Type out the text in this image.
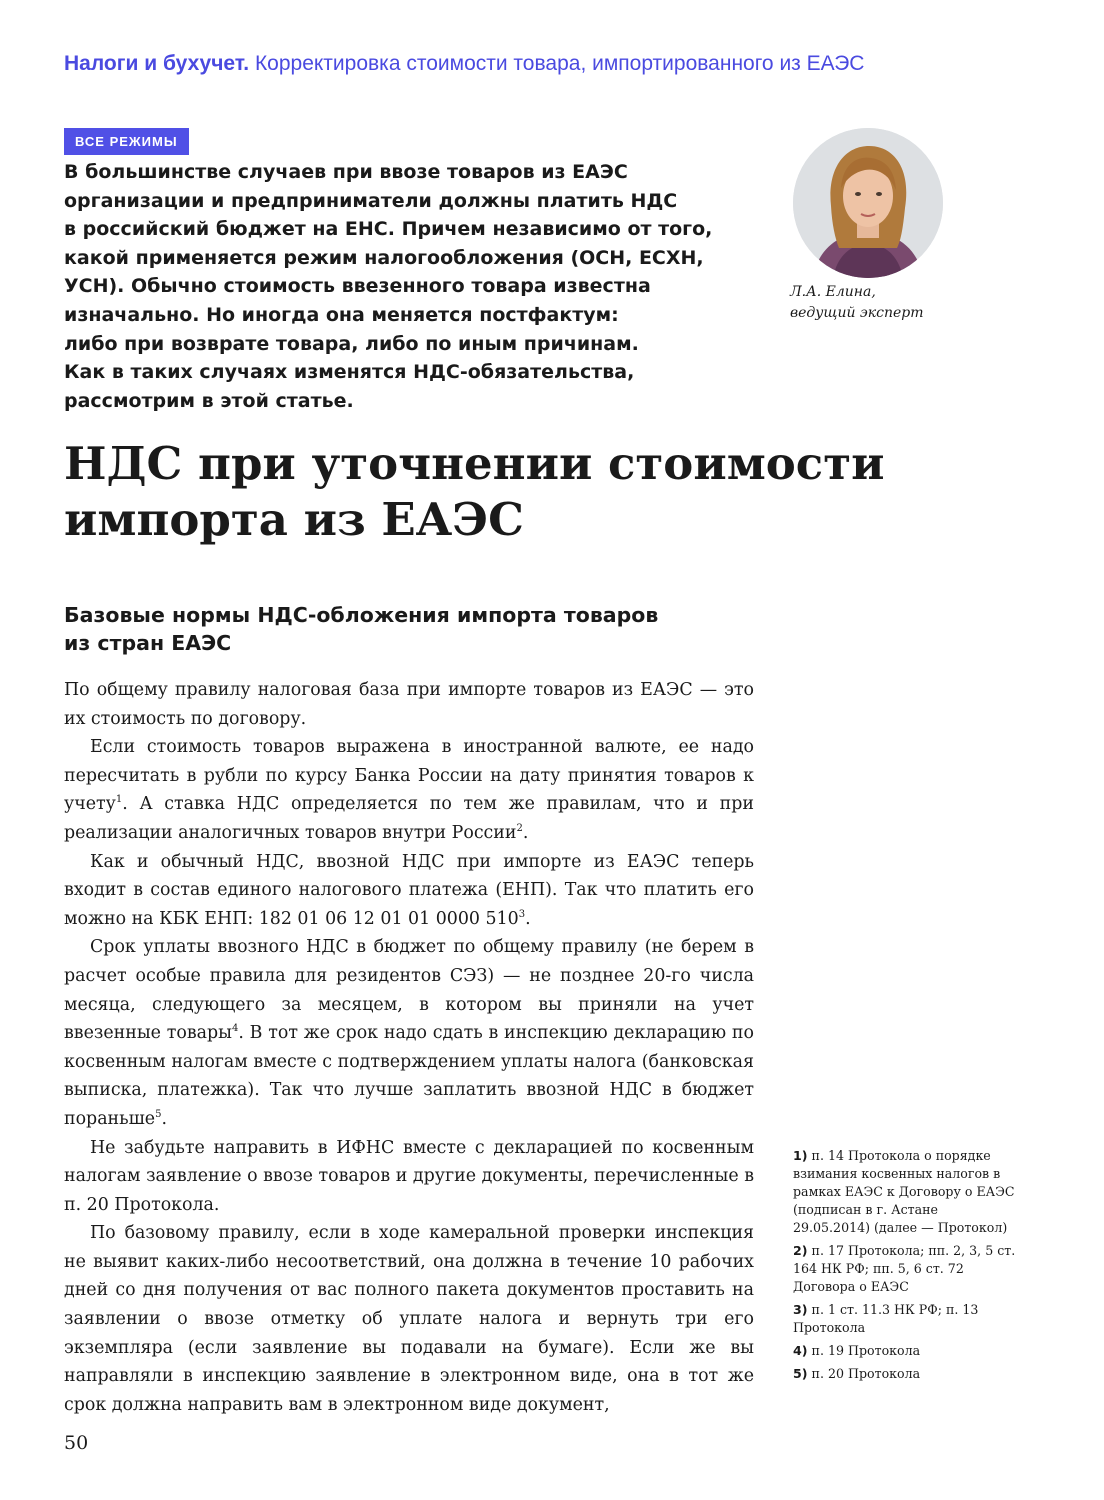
Налоги и бухучет. Корректировка стоимости товара, импортированного из ЕАЭС
ВСЕ РЕЖИМЫ
В большинстве случаев при ввозе товаров из ЕАЭС
организации и предприниматели должны платить НДС
в российский бюджет на ЕНС. Причем независимо от того,
какой применяется режим налогообложения (ОСН, ЕСХН,
УСН). Обычно стоимость ввезенного товара известна
изначально. Но иногда она меняется постфактум:
либо при возврате товара, либо по иным причинам.
Как в таких случаях изменятся НДС-обязательства,
рассмотрим в этой статье.
Л.А. Елина,
ведущий эксперт
НДС при уточнении стоимости
импорта из ЕАЭС
Базовые нормы НДС-обложения импорта товаров
из стран ЕАЭС

По общему правилу налоговая база при импорте товаров из ЕАЭС — это их стоимость по договору.

Если стоимость товаров выражена в иностранной валюте, ее надо пересчитать в рубли по курсу Банка России на дату принятия товаров к учету$^1$. А ставка НДС определяется по тем же правилам, что и при реализации аналогичных товаров внутри России$^2$.

Как и обычный НДС, ввозной НДС при импорте из ЕАЭС теперь входит в состав единого налогового платежа (ЕНП). Так что платить его можно на КБК ЕНП: 182 01 06 12 01 01 0000 $510^3$.

Срок уплаты ввозного НДС в бюджет по общему правилу (не берем в расчет особые правила для резидентов СЭЗ) — не позднее 20-го числа месяца, следующего за месяцем, в котором вы приняли на учет ввезенные товары$^4$. В тот же срок надо сдать в инспекцию декларацию по косвенным налогам вместе с подтверждением уплаты налога (банковская выписка, платежка). Так что лучше заплатить ввозной НДС в бюджет пораньше$^5$.

Не забудьте направить в ИФНС вместе с декларацией по косвенным налогам заявление о ввозе товаров и другие документы, перечисленные в п. 20 Протокола.

По базовому правилу, если в ходе камеральной проверки инспекция не выявит каких-либо несоответствий, она должна в течение 10 рабочих дней со дня получения от вас полного пакета документов проставить на заявлении о ввозе отметку об уплате налога и вернуть три его экземпляра (если заявление вы подавали на бумаге). Если же вы направляли в инспекцию заявление в электронном виде, она в тот же срок должна направить вам в электронном виде документ,

1) п. 14 Протокола о порядке взимания косвенных налогов в рамках ЕАЭС к Договору о ЕАЭС (подписан в г. Астане 29.05.2014) (далее — Протокол)
2) п. 17 Протокола; пп. 2, 3, 5 ст. 164 НК РФ; пп. 5, 6 ст. 72 Договора о ЕАЭС
3) п. 1 ст. 11.3 НК РФ; п. 13 Протокола
4) п. 19 Протокола
5) п. 20 Протокола
50
